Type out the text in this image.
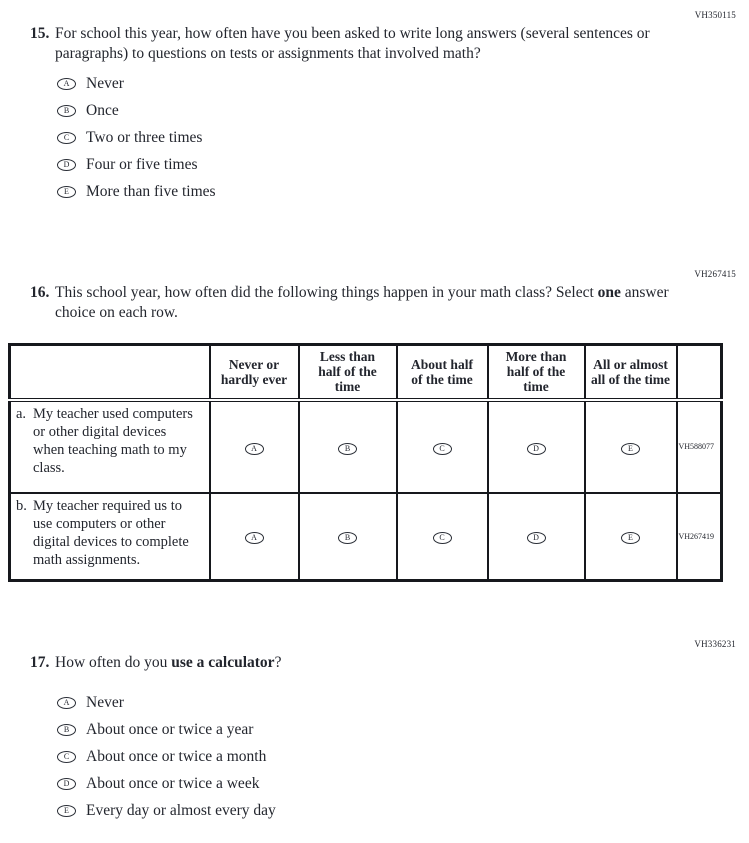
VH350115
15. For school this year, how often have you been asked to write long answers (several sentences or paragraphs) to questions on tests or assignments that involved math?
A	Never
B	Once
C	Two or three times
D	Four or five times
E	More than five times
VH267415
16. This school year, how often did the following things happen in your math class? Select one answer choice on each row.
	Never or hardly ever	Less than half of the time	About half of the time	More than half of the time	All or almost all of the time	

a. My teacher used computers or other digital devices when teaching math to my class.	A	B	C	D	E	VH588077

b. My teacher required us to use computers or other digital devices to complete math assignments.	A	B	C	D	E	VH267419
VH336231
17. How often do you use a calculator?
A	Never
B	About once or twice a year
C	About once or twice a month
D	About once or twice a week
E	Every day or almost every day
